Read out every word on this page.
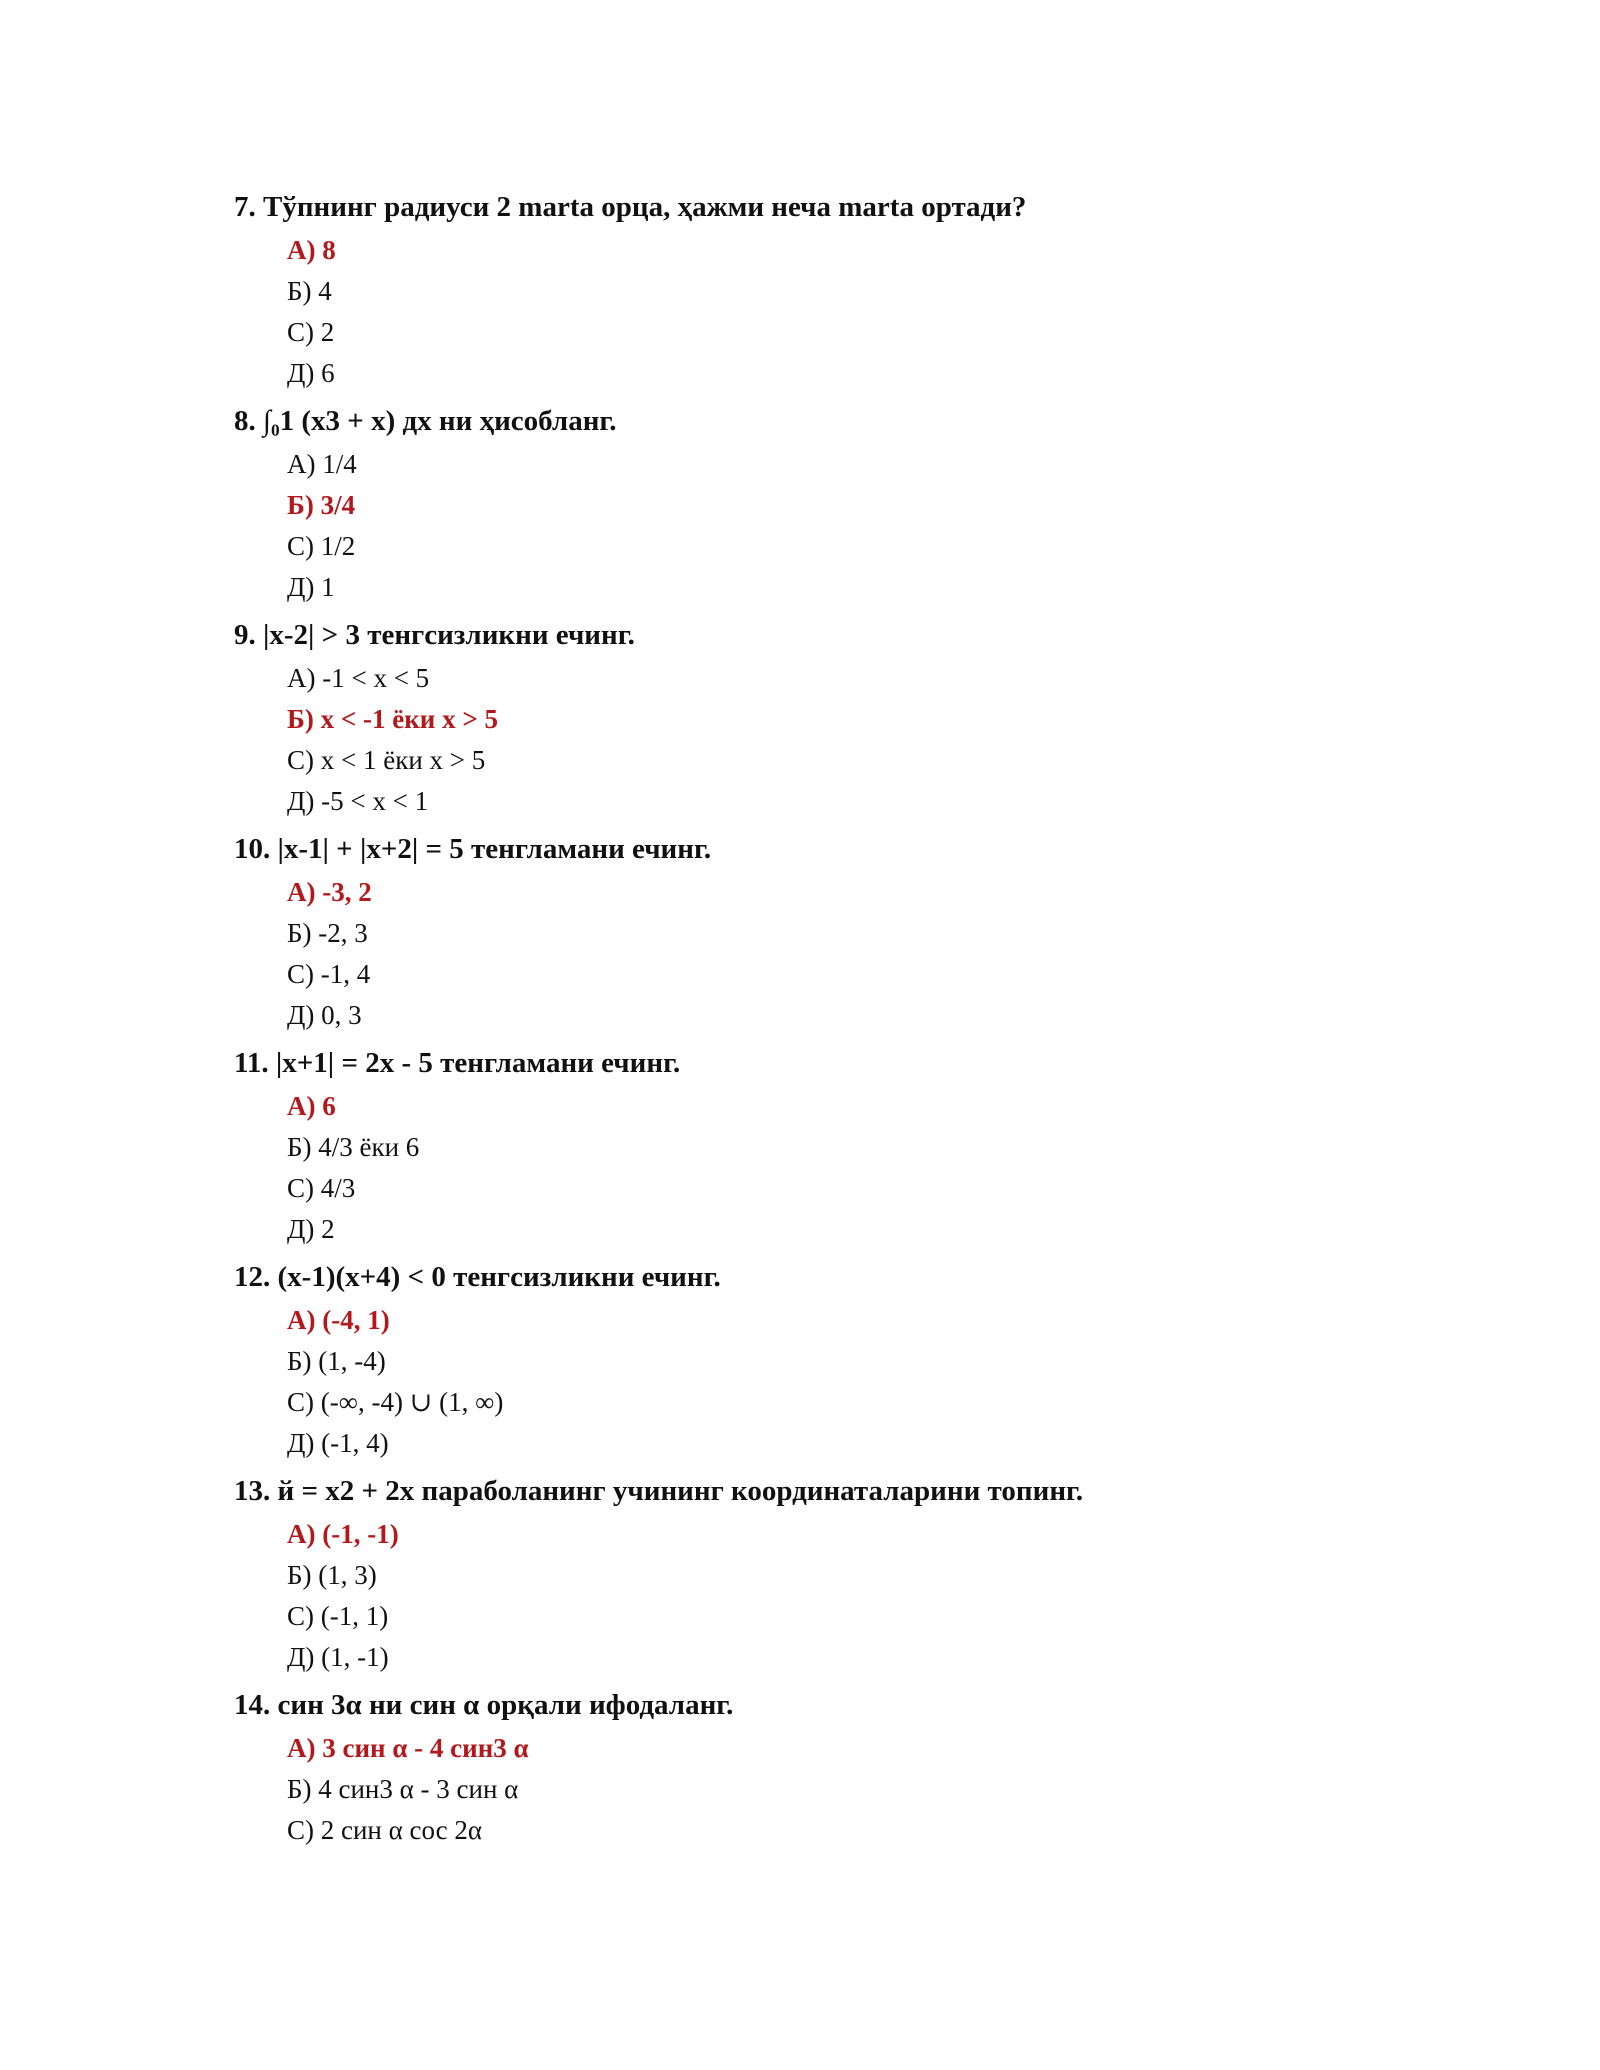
7. Тўпнинг радиуси 2 marta орца, ҳажми неча marta ортади?
А) 8
Б) 4
С) 2
Д) 6
8. ∫₀1 (x3 + x) дх ни ҳисобланг.
А) 1/4
Б) 3/4
С) 1/2
Д) 1
9. |x-2| > 3 тенгсизликни ечинг.
А) -1 < x < 5
Б) x < -1 ёки x > 5
С) x < 1 ёки x > 5
Д) -5 < x < 1
10. |x-1| + |x+2| = 5 тенгламани ечинг.
А) -3, 2
Б) -2, 3
С) -1, 4
Д) 0, 3
11. |x+1| = 2x - 5 тенгламани ечинг.
А) 6
Б) 4/3 ёки 6
С) 4/3
Д) 2
12. (x-1)(x+4) < 0 тенгсизликни ечинг.
А) (-4, 1)
Б) (1, -4)
С) (-∞, -4) ∪ (1, ∞)
Д) (-1, 4)
13. й = x2 + 2x параболанинг учининг координаталарини топинг.
А) (-1, -1)
Б) (1, 3)
С) (-1, 1)
Д) (1, -1)
14. син 3α ни син α орқали ифодаланг.
А) 3 син α - 4 син3 α
Б) 4 син3 α - 3 син α
С) 2 син α сос 2α
